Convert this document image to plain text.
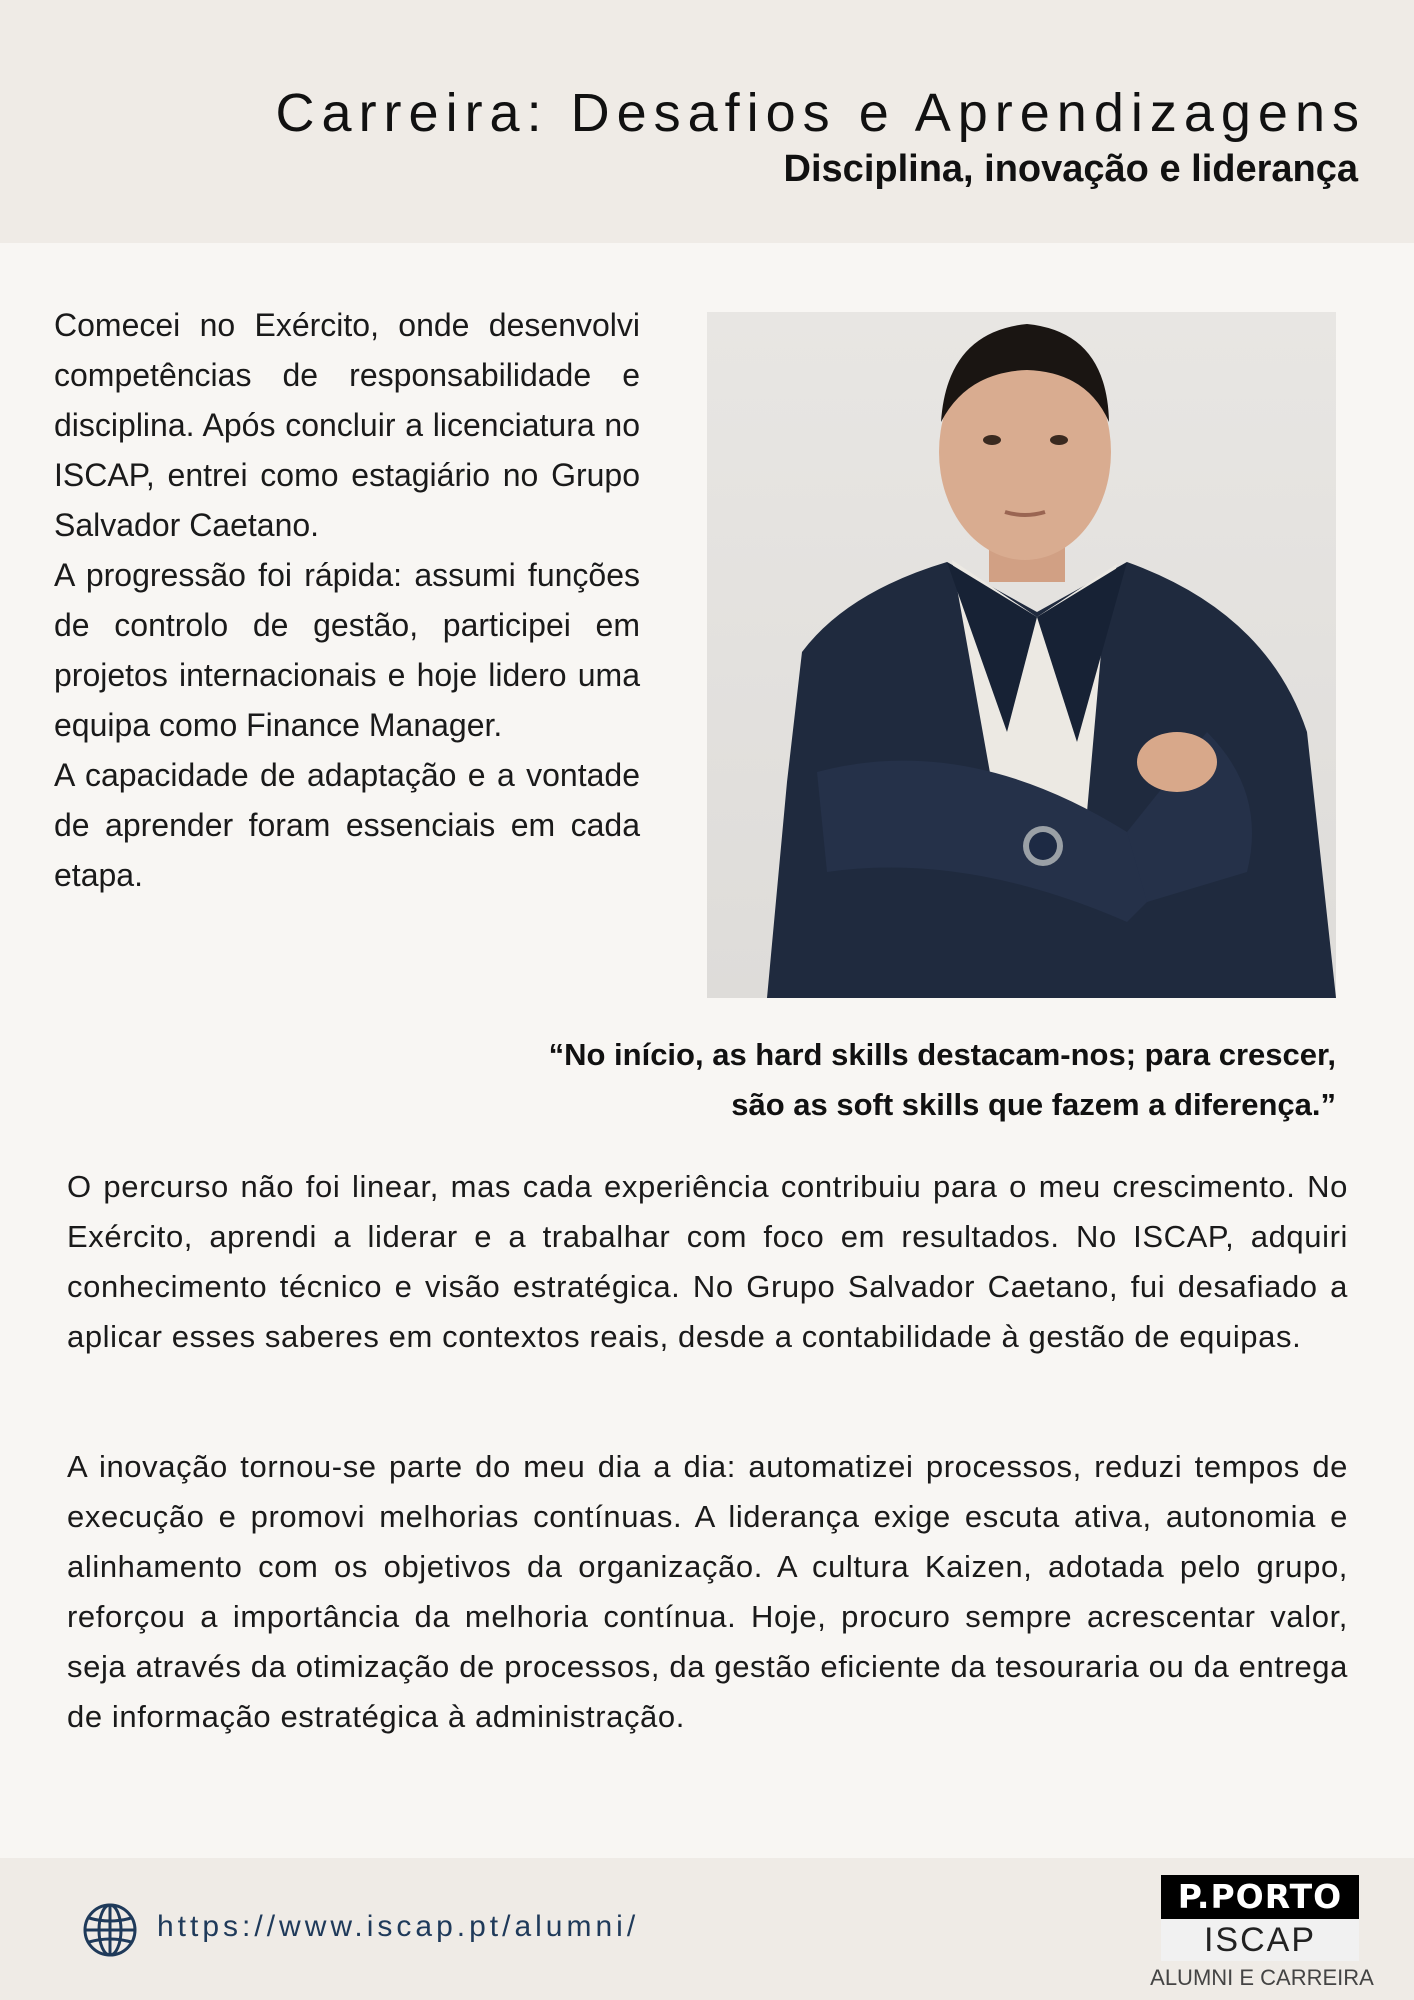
Carreira: Desafios e Aprendizagens
Disciplina, inovação e liderança

Comecei no Exército, onde desenvolvi competências de responsabilidade e disciplina. Após concluir a licenciatura no ISCAP, entrei como estagiário no Grupo Salvador Caetano.

A progressão foi rápida: assumi funções de controlo de gestão, participei em projetos internacionais e hoje lidero uma equipa como Finance Manager.

A capacidade de adaptação e a vontade de aprender foram essenciais em cada etapa.

“No início, as hard skills destacam-nos; para crescer,
são as soft skills que fazem a diferença.”

O percurso não foi linear, mas cada experiência contribuiu para o meu crescimento. No Exército, aprendi a liderar e a trabalhar com foco em resultados. No ISCAP, adquiri conhecimento técnico e visão estratégica. No Grupo Salvador Caetano, fui desafiado a aplicar esses saberes em contextos reais, desde a contabilidade à gestão de equipas.

A inovação tornou-se parte do meu dia a dia: automatizei processos, reduzi tempos de execução e promovi melhorias contínuas. A liderança exige escuta ativa, autonomia e alinhamento com os objetivos da organização. A cultura Kaizen, adotada pelo grupo, reforçou a importância da melhoria contínua. Hoje, procuro sempre acrescentar valor, seja através da otimização de processos, da gestão eficiente da tesouraria ou da entrega de informação estratégica à administração.

https://www.iscap.pt/alumni/
P.PORTO
ISCAP
ALUMNI E CARREIRA
